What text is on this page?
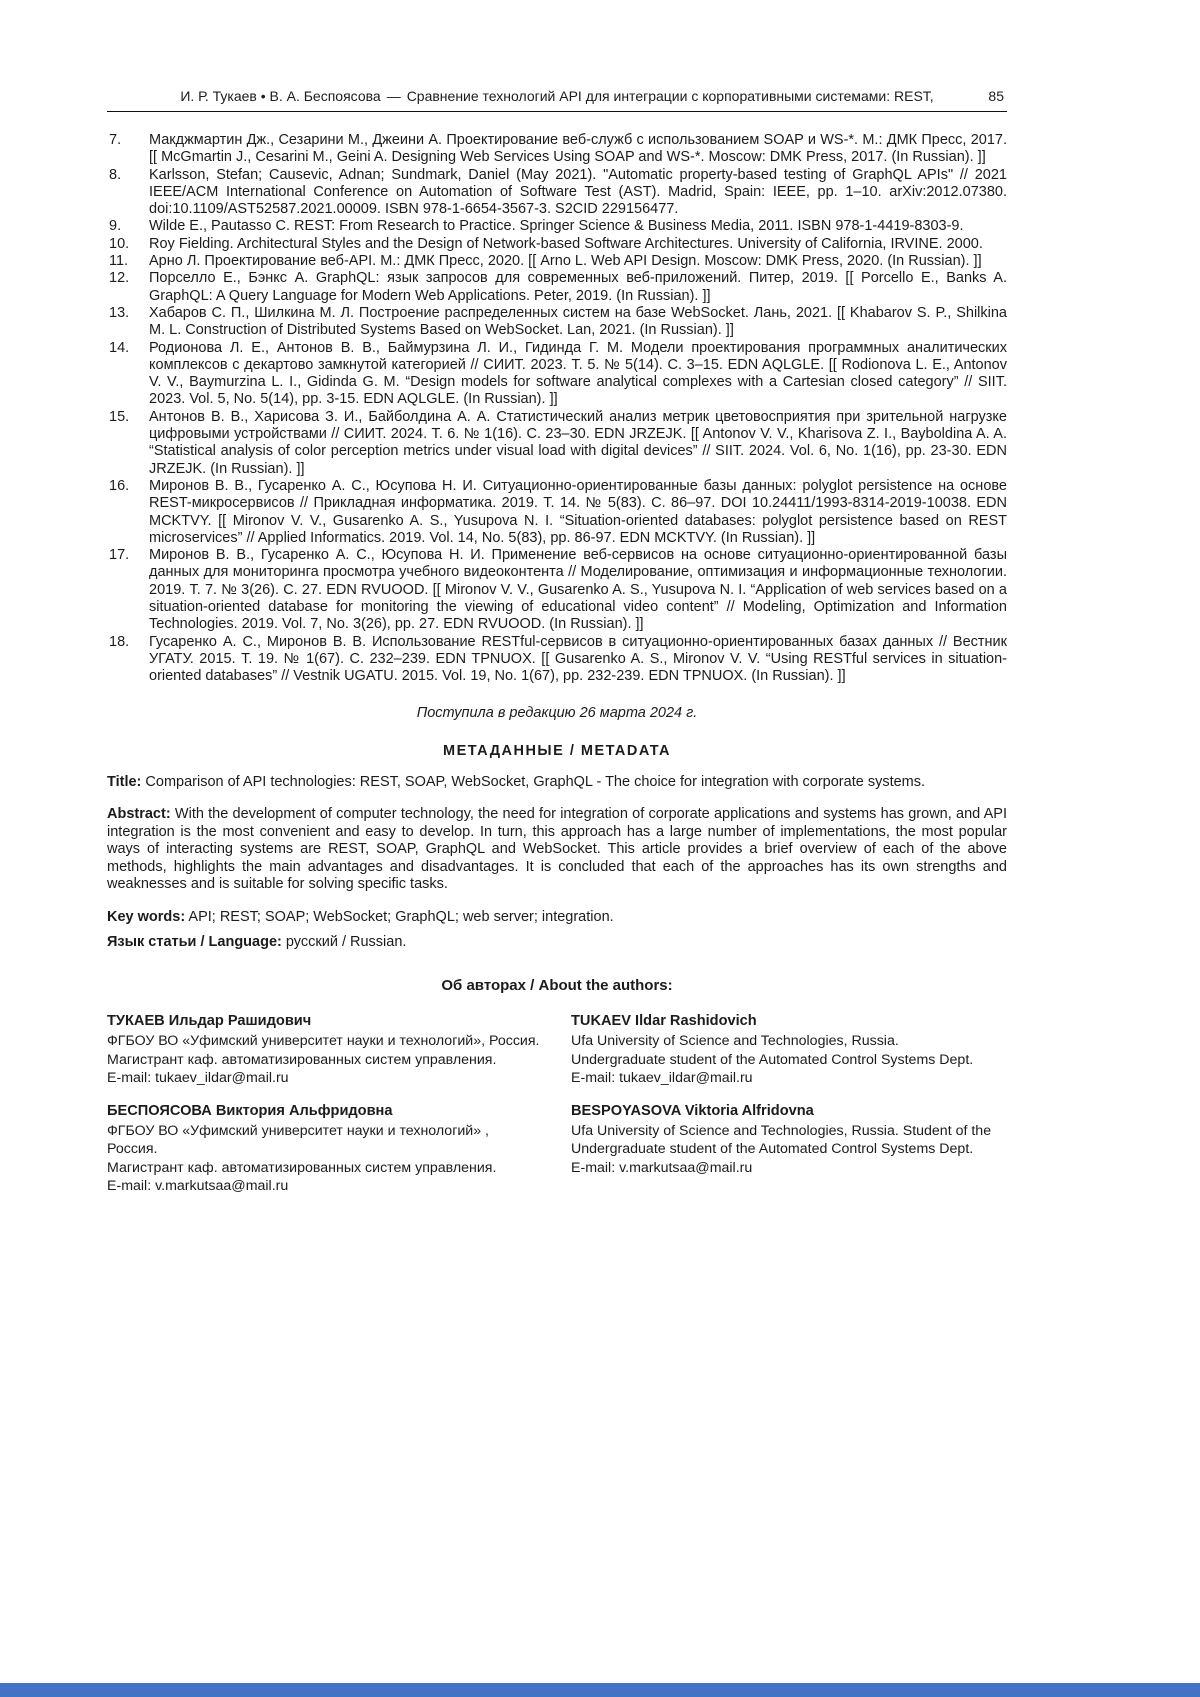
И. Р. Тукаев • В. А. Беспоясова — Сравнение технологий API для интеграции с корпоративными системами: REST,	85
7.	Макджмартин Дж., Сезарини М., Джеини А. Проектирование веб-служб с использованием SOAP и WS-*. М.: ДМК Пресс, 2017. [[ McGmartin J., Cesarini M., Geini A. Designing Web Services Using SOAP and WS-*. Moscow: DMK Press, 2017. (In Russian). ]]
8.	Karlsson, Stefan; Causevic, Adnan; Sundmark, Daniel (May 2021). "Automatic property-based testing of GraphQL APIs" // 2021 IEEE/ACM International Conference on Automation of Software Test (AST). Madrid, Spain: IEEE, pp. 1–10. arXiv:2012.07380. doi:10.1109/AST52587.2021.00009. ISBN 978-1-6654-3567-3. S2CID 229156477.
9.	Wilde E., Pautasso C. REST: From Research to Practice. Springer Science & Business Media, 2011. ISBN 978-1-4419-8303-9.
10.	Roy Fielding. Architectural Styles and the Design of Network-based Software Architectures. University of California, IRVINE. 2000.
11.	Арно Л. Проектирование веб-API. М.: ДМК Пресс, 2020. [[ Arno L. Web API Design. Moscow: DMK Press, 2020. (In Russian). ]]
12.	Порселло Е., Бэнкс А. GraphQL: язык запросов для современных веб-приложений. Питер, 2019. [[ Porcello E., Banks A. GraphQL: A Query Language for Modern Web Applications. Peter, 2019. (In Russian). ]]
13.	Хабаров С. П., Шилкина М. Л. Построение распределенных систем на базе WebSocket. Лань, 2021. [[ Khabarov S. P., Shilkina M. L. Construction of Distributed Systems Based on WebSocket. Lan, 2021. (In Russian). ]]
14.	Родионова Л. Е., Антонов В. В., Баймурзина Л. И., Гидинда Г. М. Модели проектирования программных аналитических комплексов с декартово замкнутой категорией // СИИТ. 2023. Т. 5. № 5(14). С. 3–15. EDN AQLGLE. [[ Rodionova L. E., Antonov V. V., Baymurzina L. I., Gidinda G. M. “Design models for software analytical complexes with a Cartesian closed category” // SIIT. 2023. Vol. 5, No. 5(14), pp. 3-15. EDN AQLGLE. (In Russian). ]]
15.	Антонов В. В., Харисова З. И., Байболдина А. А. Статистический анализ метрик цветовосприятия при зрительной нагрузке цифровыми устройствами // СИИТ. 2024. Т. 6. № 1(16). С. 23–30. EDN JRZEJK. [[ Antonov V. V., Kharisova Z. I., Bayboldina A. A. “Statistical analysis of color perception metrics under visual load with digital devices” // SIIT. 2024. Vol. 6, No. 1(16), pp. 23-30. EDN JRZEJK. (In Russian). ]]
16.	Миронов В. В., Гусаренко А. С., Юсупова Н. И. Ситуационно-ориентированные базы данных: polyglot persistence на основе REST-микросервисов // Прикладная информатика. 2019. Т. 14. № 5(83). С. 86–97. DOI 10.24411/1993-8314-2019-10038. EDN MCKTVY. [[ Mironov V. V., Gusarenko A. S., Yusupova N. I. “Situation-oriented databases: polyglot persistence based on REST microservices” // Applied Informatics. 2019. Vol. 14, No. 5(83), pp. 86-97. EDN MCKTVY. (In Russian). ]]
17.	Миронов В. В., Гусаренко А. С., Юсупова Н. И. Применение веб-сервисов на основе ситуационно-ориентированной базы данных для мониторинга просмотра учебного видеоконтента // Моделирование, оптимизация и информационные технологии. 2019. Т. 7. № 3(26). С. 27. EDN RVUOOD. [[ Mironov V. V., Gusarenko A. S., Yusupova N. I. “Application of web services based on a situation-oriented database for monitoring the viewing of educational video content” // Modeling, Optimization and Information Technologies. 2019. Vol. 7, No. 3(26), pp. 27. EDN RVUOOD. (In Russian). ]]
18.	Гусаренко А. С., Миронов В. В. Использование RESTful-сервисов в ситуационно-ориентированных базах данных // Вестник УГАТУ. 2015. Т. 19. № 1(67). С. 232–239. EDN TPNUOX. [[ Gusarenko A. S., Mironov V. V. “Using RESTful services in situation-oriented databases” // Vestnik UGATU. 2015. Vol. 19, No. 1(67), pp. 232-239. EDN TPNUOX. (In Russian). ]]
Поступила в редакцию 26 марта 2024 г.
МЕТАДАННЫЕ / METADATA
Title: Comparison of API technologies: REST, SOAP, WebSocket, GraphQL - The choice for integration with corporate systems.
Abstract: With the development of computer technology, the need for integration of corporate applications and systems has grown, and API integration is the most convenient and easy to develop. In turn, this approach has a large number of implementations, the most popular ways of interacting systems are REST, SOAP, GraphQL and WebSocket. This article provides a brief overview of each of the above methods, highlights the main advantages and disadvantages. It is concluded that each of the approaches has its own strengths and weaknesses and is suitable for solving specific tasks.
Key words: API; REST; SOAP; WebSocket; GraphQL; web server; integration.
Язык статьи / Language: русский / Russian.
Об авторах / About the authors:
ТУКАЕВ Ильдар Рашидович
ФГБОУ ВО «Уфимский университет науки и технологий», Россия.
Магистрант каф. автоматизированных систем управления.
E-mail: tukaev_ildar@mail.ru
БЕСПОЯСОВА Виктория Альфридовна
ФГБОУ ВО «Уфимский университет науки и технологий» , Россия.
Магистрант каф. автоматизированных систем управления.
E-mail: v.markutsaa@mail.ru
TUKAEV Ildar Rashidovich
Ufa University of Science and Technologies, Russia.
Undergraduate student of the Automated Control Systems Dept.
E-mail: tukaev_ildar@mail.ru
BESPOYASOVA Viktoria Alfridovna
Ufa University of Science and Technologies, Russia. Student of the Undergraduate student of the Automated Control Systems Dept.
E-mail: v.markutsaa@mail.ru
